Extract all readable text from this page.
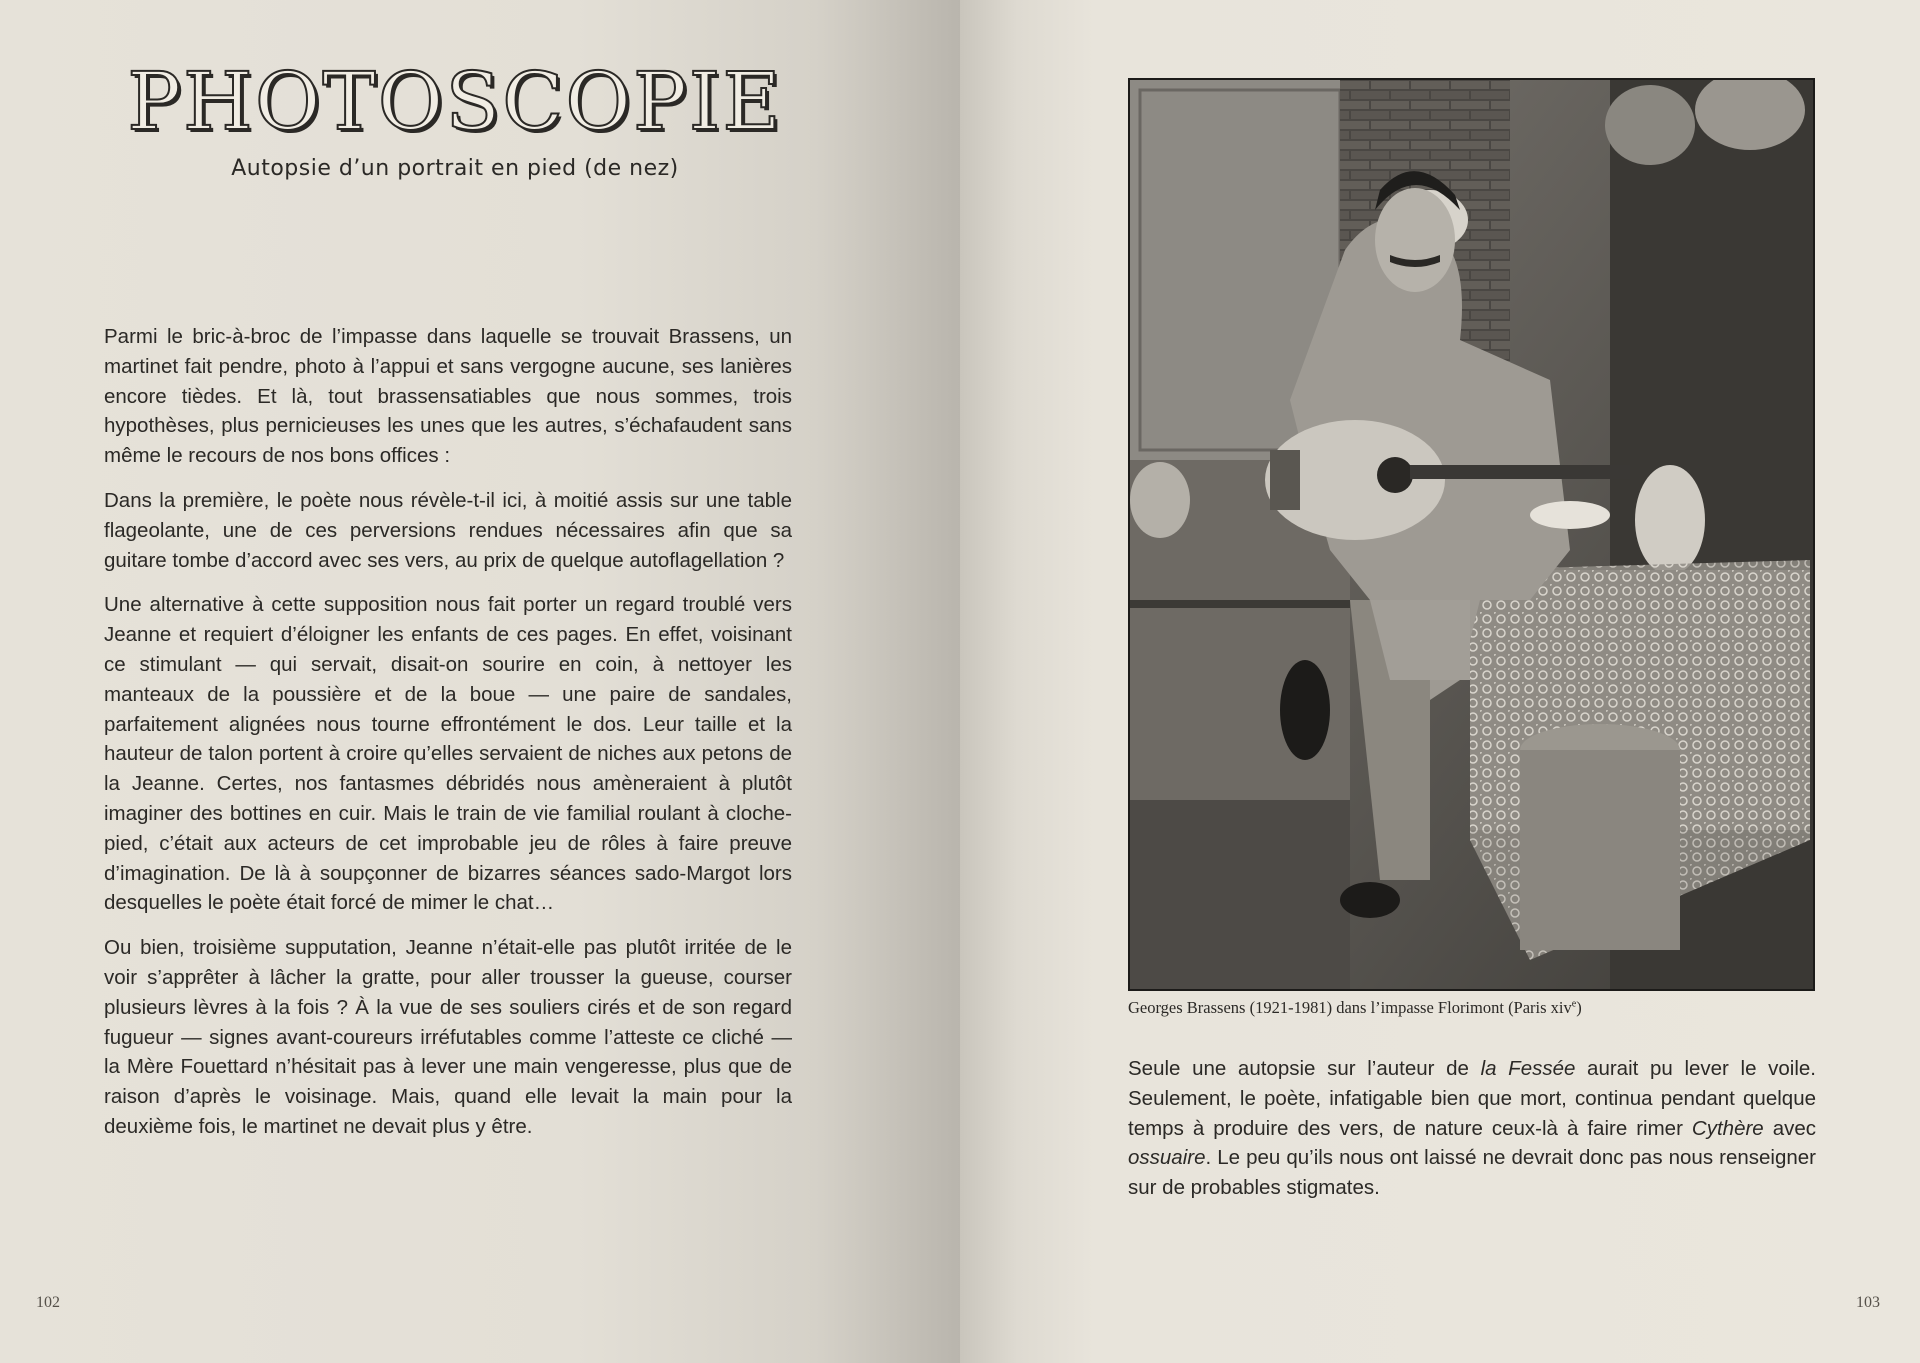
PHOTOSCOPIE

Autopsie d’un portrait en pied (de nez)

Parmi le bric-à-broc de l’impasse dans laquelle se trouvait Brassens, un martinet fait pendre, photo à l’appui et sans vergogne aucune, ses lanières encore tièdes. Et là, tout brassensatiables que nous sommes, trois hypothèses, plus pernicieuses les unes que les autres, s’échafaudent sans même le recours de nos bons offices :

Dans la première, le poète nous révèle-t-il ici, à moitié assis sur une table flageolante, une de ces perversions rendues nécessaires afin que sa guitare tombe d’accord avec ses vers, au prix de quelque autoflagellation ?

Une alternative à cette supposition nous fait porter un regard troublé vers Jeanne et requiert d’éloigner les enfants de ces pages. En effet, voisinant ce stimulant — qui servait, disait-on sourire en coin, à nettoyer les manteaux de la poussière et de la boue — une paire de sandales, parfaitement alignées nous tourne effrontément le dos. Leur taille et la hauteur de talon portent à croire qu’elles servaient de niches aux petons de la Jeanne. Certes, nos fantasmes débridés nous amèneraient à plutôt imaginer des bottines en cuir. Mais le train de vie familial roulant à cloche-pied, c’était aux acteurs de cet improbable jeu de rôles à faire preuve d’imagination. De là à soupçonner de bizarres séances sado-Margot lors desquelles le poète était forcé de mimer le chat…

Ou bien, troisième supputation, Jeanne n’était-elle pas plutôt irritée de le voir s’apprêter à lâcher la gratte, pour aller trousser la gueuse, courser plusieurs lèvres à la fois ? À la vue de ses souliers cirés et de son regard fugueur — signes avant-coureurs irréfutables comme l’atteste ce cliché — la Mère Fouettard n’hésitait pas à lever une main vengeresse, plus que de raison d’après le voisinage. Mais, quand elle levait la main pour la deuxième fois, le martinet ne devait plus y être.

102
Georges Brassens (1921-1981) dans l’impasse Florimont (Paris xiv$^e$)

Seule une autopsie sur l’auteur de la Fessée aurait pu lever le voile. Seulement, le poète, infatigable bien que mort, continua pendant quelque temps à produire des vers, de nature ceux-là à faire rimer Cythère avec ossuaire. Le peu qu’ils nous ont laissé ne devrait donc pas nous renseigner sur de probables stigmates.

103
